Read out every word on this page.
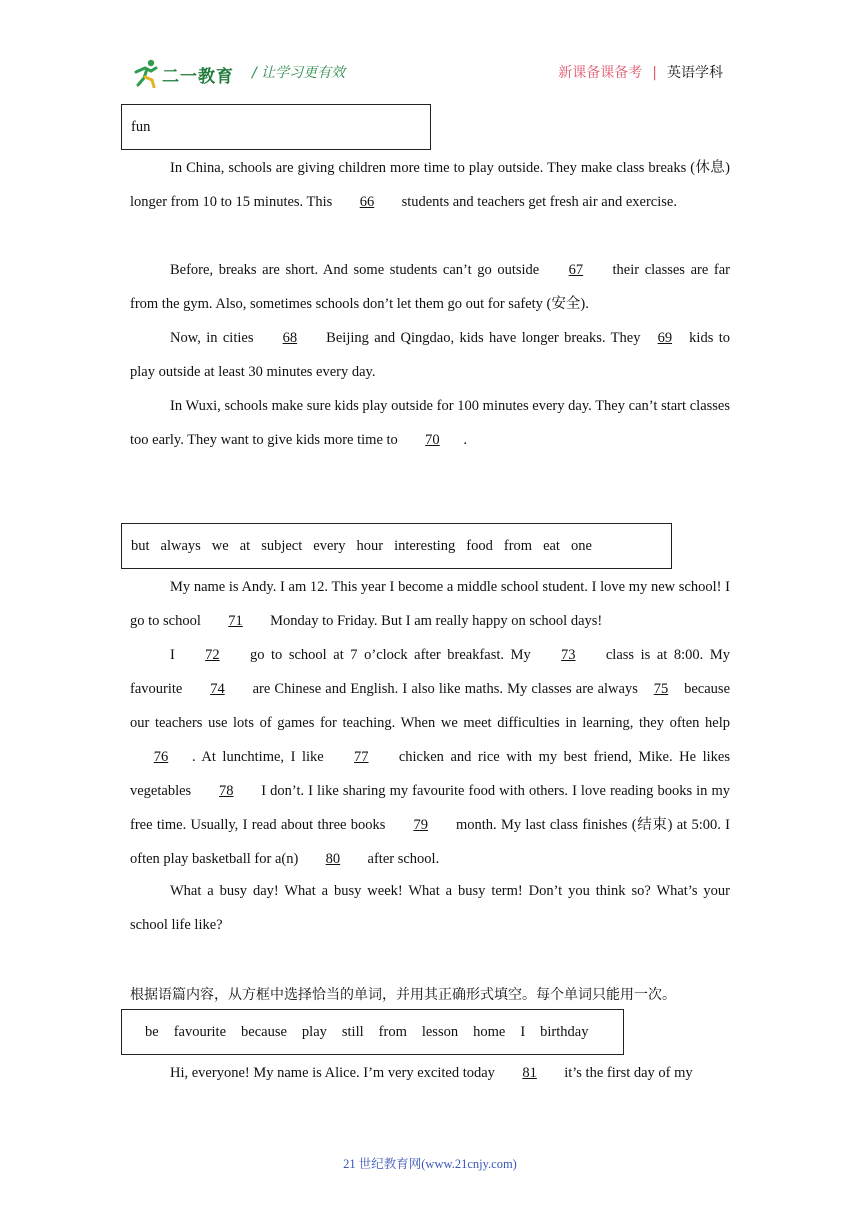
二一教育 / 让学习更有效	新课备课备考 | 英语学科
fun
In China, schools are giving children more time to play outside. They make class breaks (休息) longer from 10 to 15 minutes. This 66 students and teachers get fresh air and exercise.
Before, breaks are short. And some students can’t go outside 67 their classes are far from the gym. Also, sometimes schools don’t let them go out for safety (安全).
Now, in cities 68 Beijing and Qingdao, kids have longer breaks. They 69 kids to play outside at least 30 minutes every day.
In Wuxi, schools make sure kids play outside for 100 minutes every day. They can’t start classes too early. They want to give kids more time to 70 .
but always we at subject every hour interesting food from eat one
My name is Andy. I am 12. This year I become a middle school student. I love my new school! I go to school 71 Monday to Friday. But I am really happy on school days!
I 72 go to school at 7 o’clock after breakfast. My 73 class is at 8:00. My favourite 74 are Chinese and English. I also like maths. My classes are always 75 because our teachers use lots of games for teaching. When we meet difficulties in learning, they often help 76 . At lunchtime, I like 77 chicken and rice with my best friend, Mike. He likes vegetables 78 I don’t. I like sharing my favourite food with others. I love reading books in my free time. Usually, I read about three books 79 month. My last class finishes (结束) at 5:00. I often play basketball for a(n) 80 after school.
What a busy day! What a busy week! What a busy term! Don’t you think so? What’s your school life like?
根据语篇内容，从方框中选择恰当的单词，并用其正确形式填空。每个单词只能用一次。
be favourite because play still from lesson home I birthday
Hi, everyone! My name is Alice. I’m very excited today 81 it’s the first day of my
21 世纪教育网(www.21cnjy.com)
